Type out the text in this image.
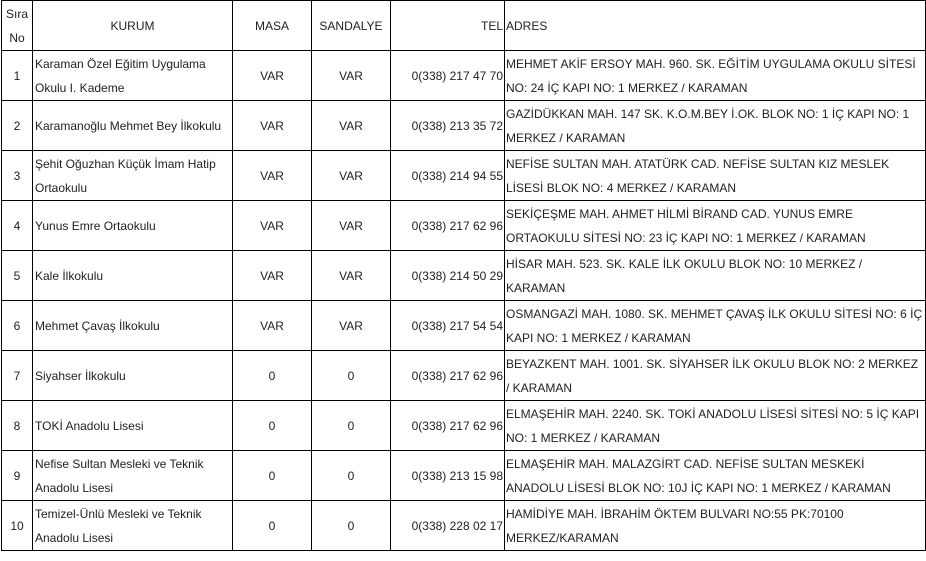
Sıra No	KURUM	MASA	SANDALYE	TEL	ADRES
1	Karaman Özel Eğitim Uygulama Okulu I. Kademe	VAR	VAR	0(338) 217 47 70	MEHMET AKİF ERSOY MAH. 960. SK. EĞİTİM UYGULAMA OKULU SİTESİ NO: 24 İÇ KAPI NO: 1 MERKEZ / KARAMAN
2	Karamanoğlu Mehmet Bey İlkokulu	VAR	VAR	0(338) 213 35 72	GAZİDÜKKAN MAH. 147 SK. K.O.M.BEY İ.OK. BLOK NO: 1 İÇ KAPI NO: 1 MERKEZ / KARAMAN
3	Şehit Oğuzhan Küçük İmam Hatip Ortaokulu	VAR	VAR	0(338) 214 94 55	NEFİSE SULTAN MAH. ATATÜRK CAD. NEFİSE SULTAN KIZ MESLEK LİSESİ BLOK NO: 4 MERKEZ / KARAMAN
4	Yunus Emre Ortaokulu	VAR	VAR	0(338) 217 62 96	SEKİÇEŞME MAH. AHMET HİLMİ BİRAND CAD. YUNUS EMRE ORTAOKULU SİTESİ NO: 23 İÇ KAPI NO: 1 MERKEZ / KARAMAN
5	Kale İlkokulu	VAR	VAR	0(338) 214 50 29	HİSAR MAH. 523. SK. KALE İLK OKULU BLOK NO: 10 MERKEZ / KARAMAN
6	Mehmet Çavaş İlkokulu	VAR	VAR	0(338) 217 54 54	OSMANGAZİ MAH. 1080. SK. MEHMET ÇAVAŞ İLK OKULU SİTESİ NO: 6 İÇ KAPI NO: 1 MERKEZ / KARAMAN
7	Siyahser İlkokulu	0	0	0(338) 217 62 96	BEYAZKENT MAH. 1001. SK. SİYAHSER İLK OKULU BLOK NO: 2 MERKEZ / KARAMAN
8	TOKİ Anadolu Lisesi	0	0	0(338) 217 62 96	ELMAŞEHİR MAH. 2240. SK. TOKİ ANADOLU LİSESİ SİTESİ NO: 5 İÇ KAPI NO: 1 MERKEZ / KARAMAN
9	Nefise Sultan Mesleki ve Teknik Anadolu Lisesi	0	0	0(338) 213 15 98	ELMAŞEHİR MAH. MALAZGİRT CAD. NEFİSE SULTAN MESKEKİ ANADOLU LİSESİ BLOK NO: 10J İÇ KAPI NO: 1 MERKEZ / KARAMAN
10	Temizel-Ünlü Mesleki ve Teknik Anadolu Lisesi	0	0	0(338) 228 02 17	HAMİDİYE MAH. İBRAHİM ÖKTEM BULVARI NO:55 PK:70100 MERKEZ/KARAMAN
